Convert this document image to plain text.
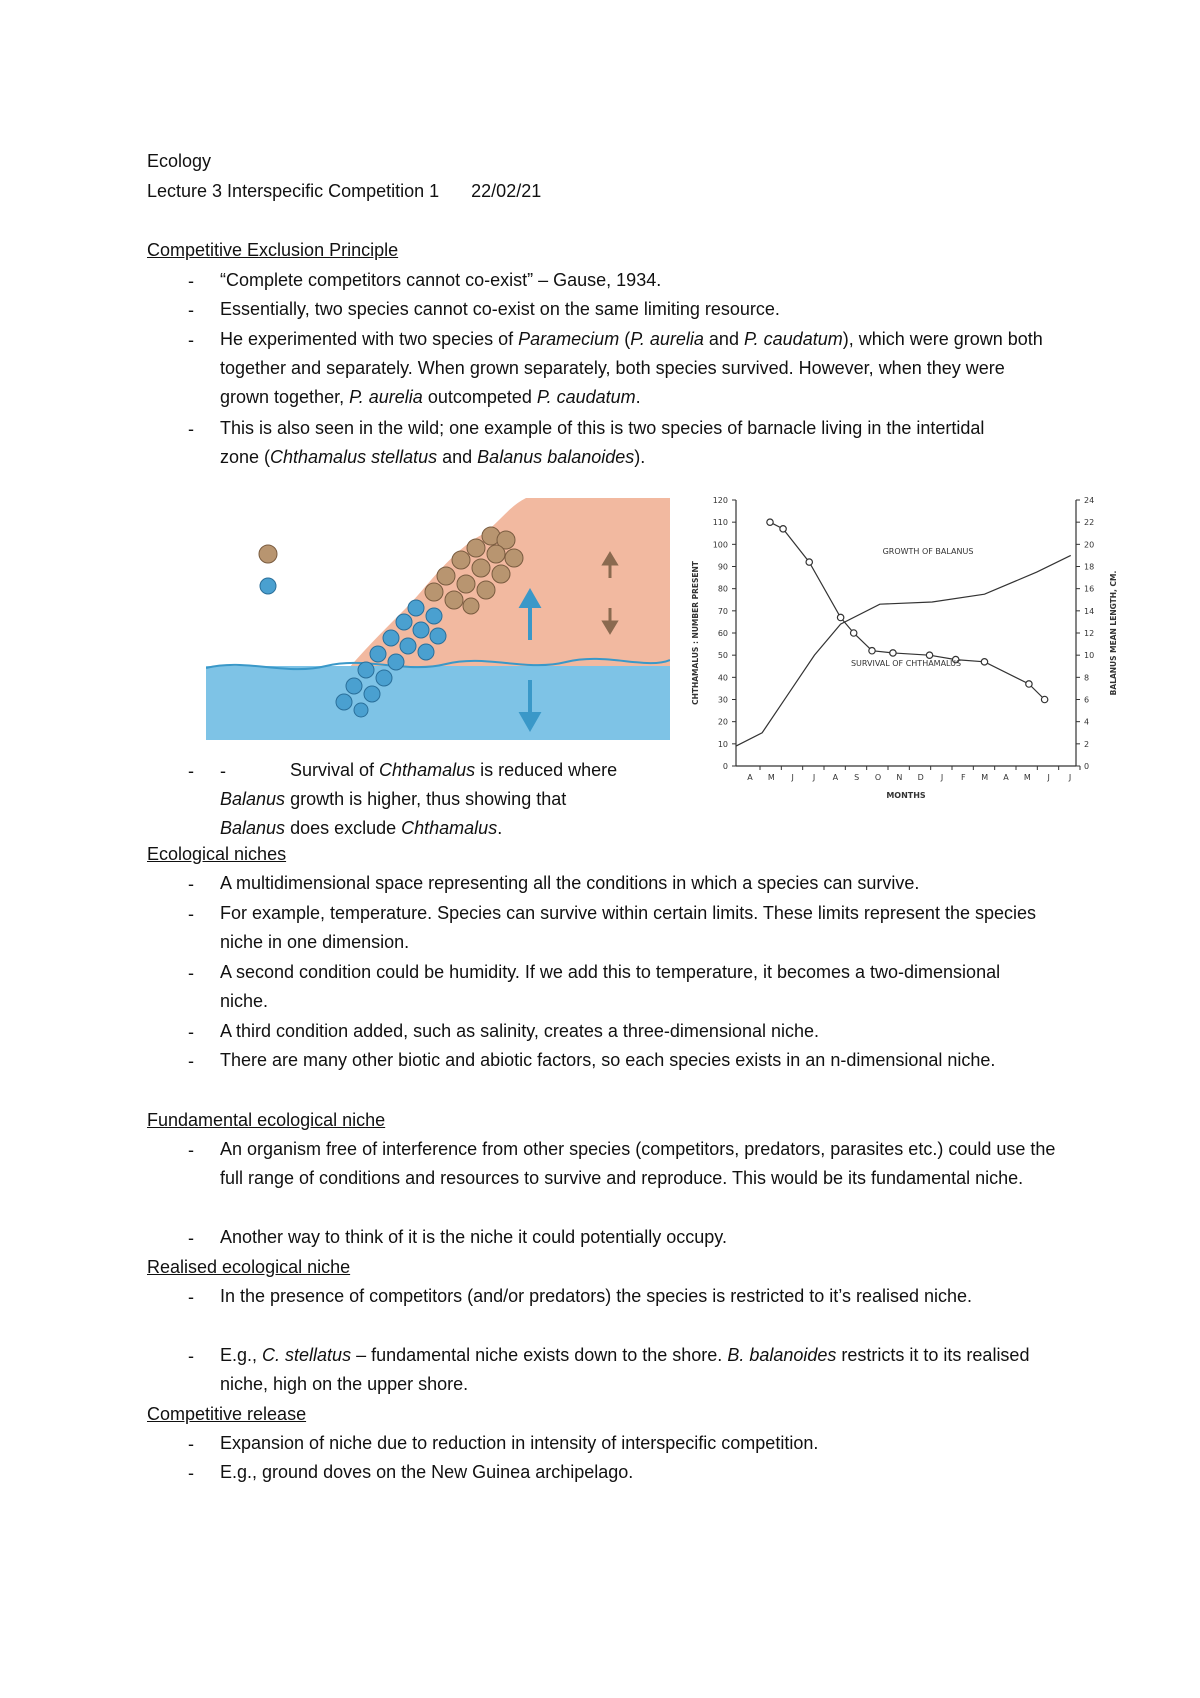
Ecology
Lecture 3 Interspecific Competition 1 22/02/21
Competitive Exclusion Principle
- “Complete competitors cannot co-exist” – Gause, 1934.
- Essentially, two species cannot co-exist on the same limiting resource.
- He experimented with two species of Paramecium (P. aurelia and P. caudatum), which were grown both together and separately. When grown separately, both species survived. However, when they were grown together, P. aurelia outcompeted P. caudatum.
- This is also seen in the wild; one example of this is two species of barnacle living in the intertidal zone (Chthamalus stellatus and Balanus balanoides).
0
10
20
30
40
50
60
70
80
90
100
110
120
0
2
4
6
8
10
12
14
16
18
20
22
24
A M J J A S O N D J F M A M J J
MONTHS
CHTHAMALUS : NUMBER PRESENT	BALANUS MEAN LENGTH, CM.
GROWTH OF BALANUS
SURVIVAL OF CHTHAMALUS
- -	Survival of Chthamalus is reduced where
Balanus growth is higher, thus showing that
Balanus does exclude Chthamalus.
Ecological niches
- A multidimensional space representing all the conditions in which a species can survive.
- For example, temperature. Species can survive within certain limits. These limits represent the species niche in one dimension.
- A second condition could be humidity. If we add this to temperature, it becomes a two-dimensional niche.
- A third condition added, such as salinity, creates a three-dimensional niche.
- There are many other biotic and abiotic factors, so each species exists in an n-dimensional niche.
Fundamental ecological niche
- An organism free of interference from other species (competitors, predators, parasites etc.) could use the full range of conditions and resources to survive and reproduce. This would be its fundamental niche.
- Another way to think of it is the niche it could potentially occupy.
Realised ecological niche
- In the presence of competitors (and/or predators) the species is restricted to it’s realised niche.
- E.g., C. stellatus – fundamental niche exists down to the shore. B. balanoides restricts it to its realised niche, high on the upper shore.
Competitive release
- Expansion of niche due to reduction in intensity of interspecific competition.
- E.g., ground doves on the New Guinea archipelago.
